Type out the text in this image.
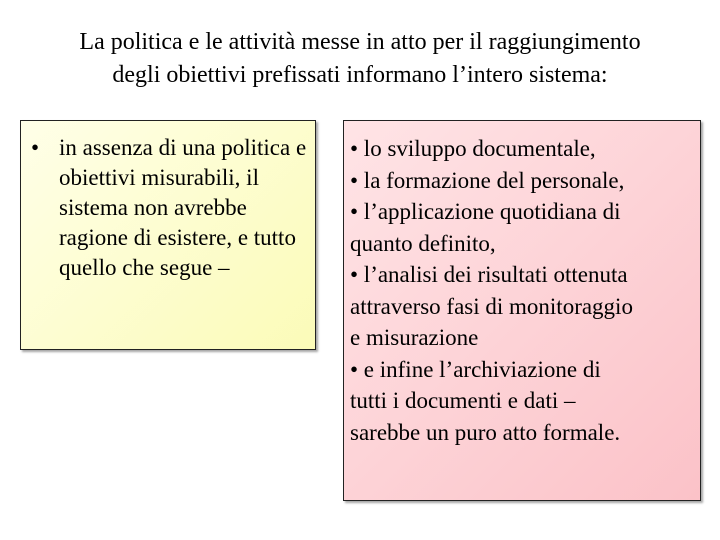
La politica e le attività messe in atto per il raggiungimento
degli obiettivi prefissati informano l’intero sistema:
• in assenza di una politica e obiettivi misurabili, il sistema non avrebbe ragione di esistere, e tutto quello che segue –
• lo sviluppo documentale,
• la formazione del personale,
• l’applicazione quotidiana di
quanto definito,
• l’analisi dei risultati ottenuta
attraverso fasi di monitoraggio
e misurazione
• e infine l’archiviazione di
tutti i documenti e dati –
sarebbe un puro atto formale.
